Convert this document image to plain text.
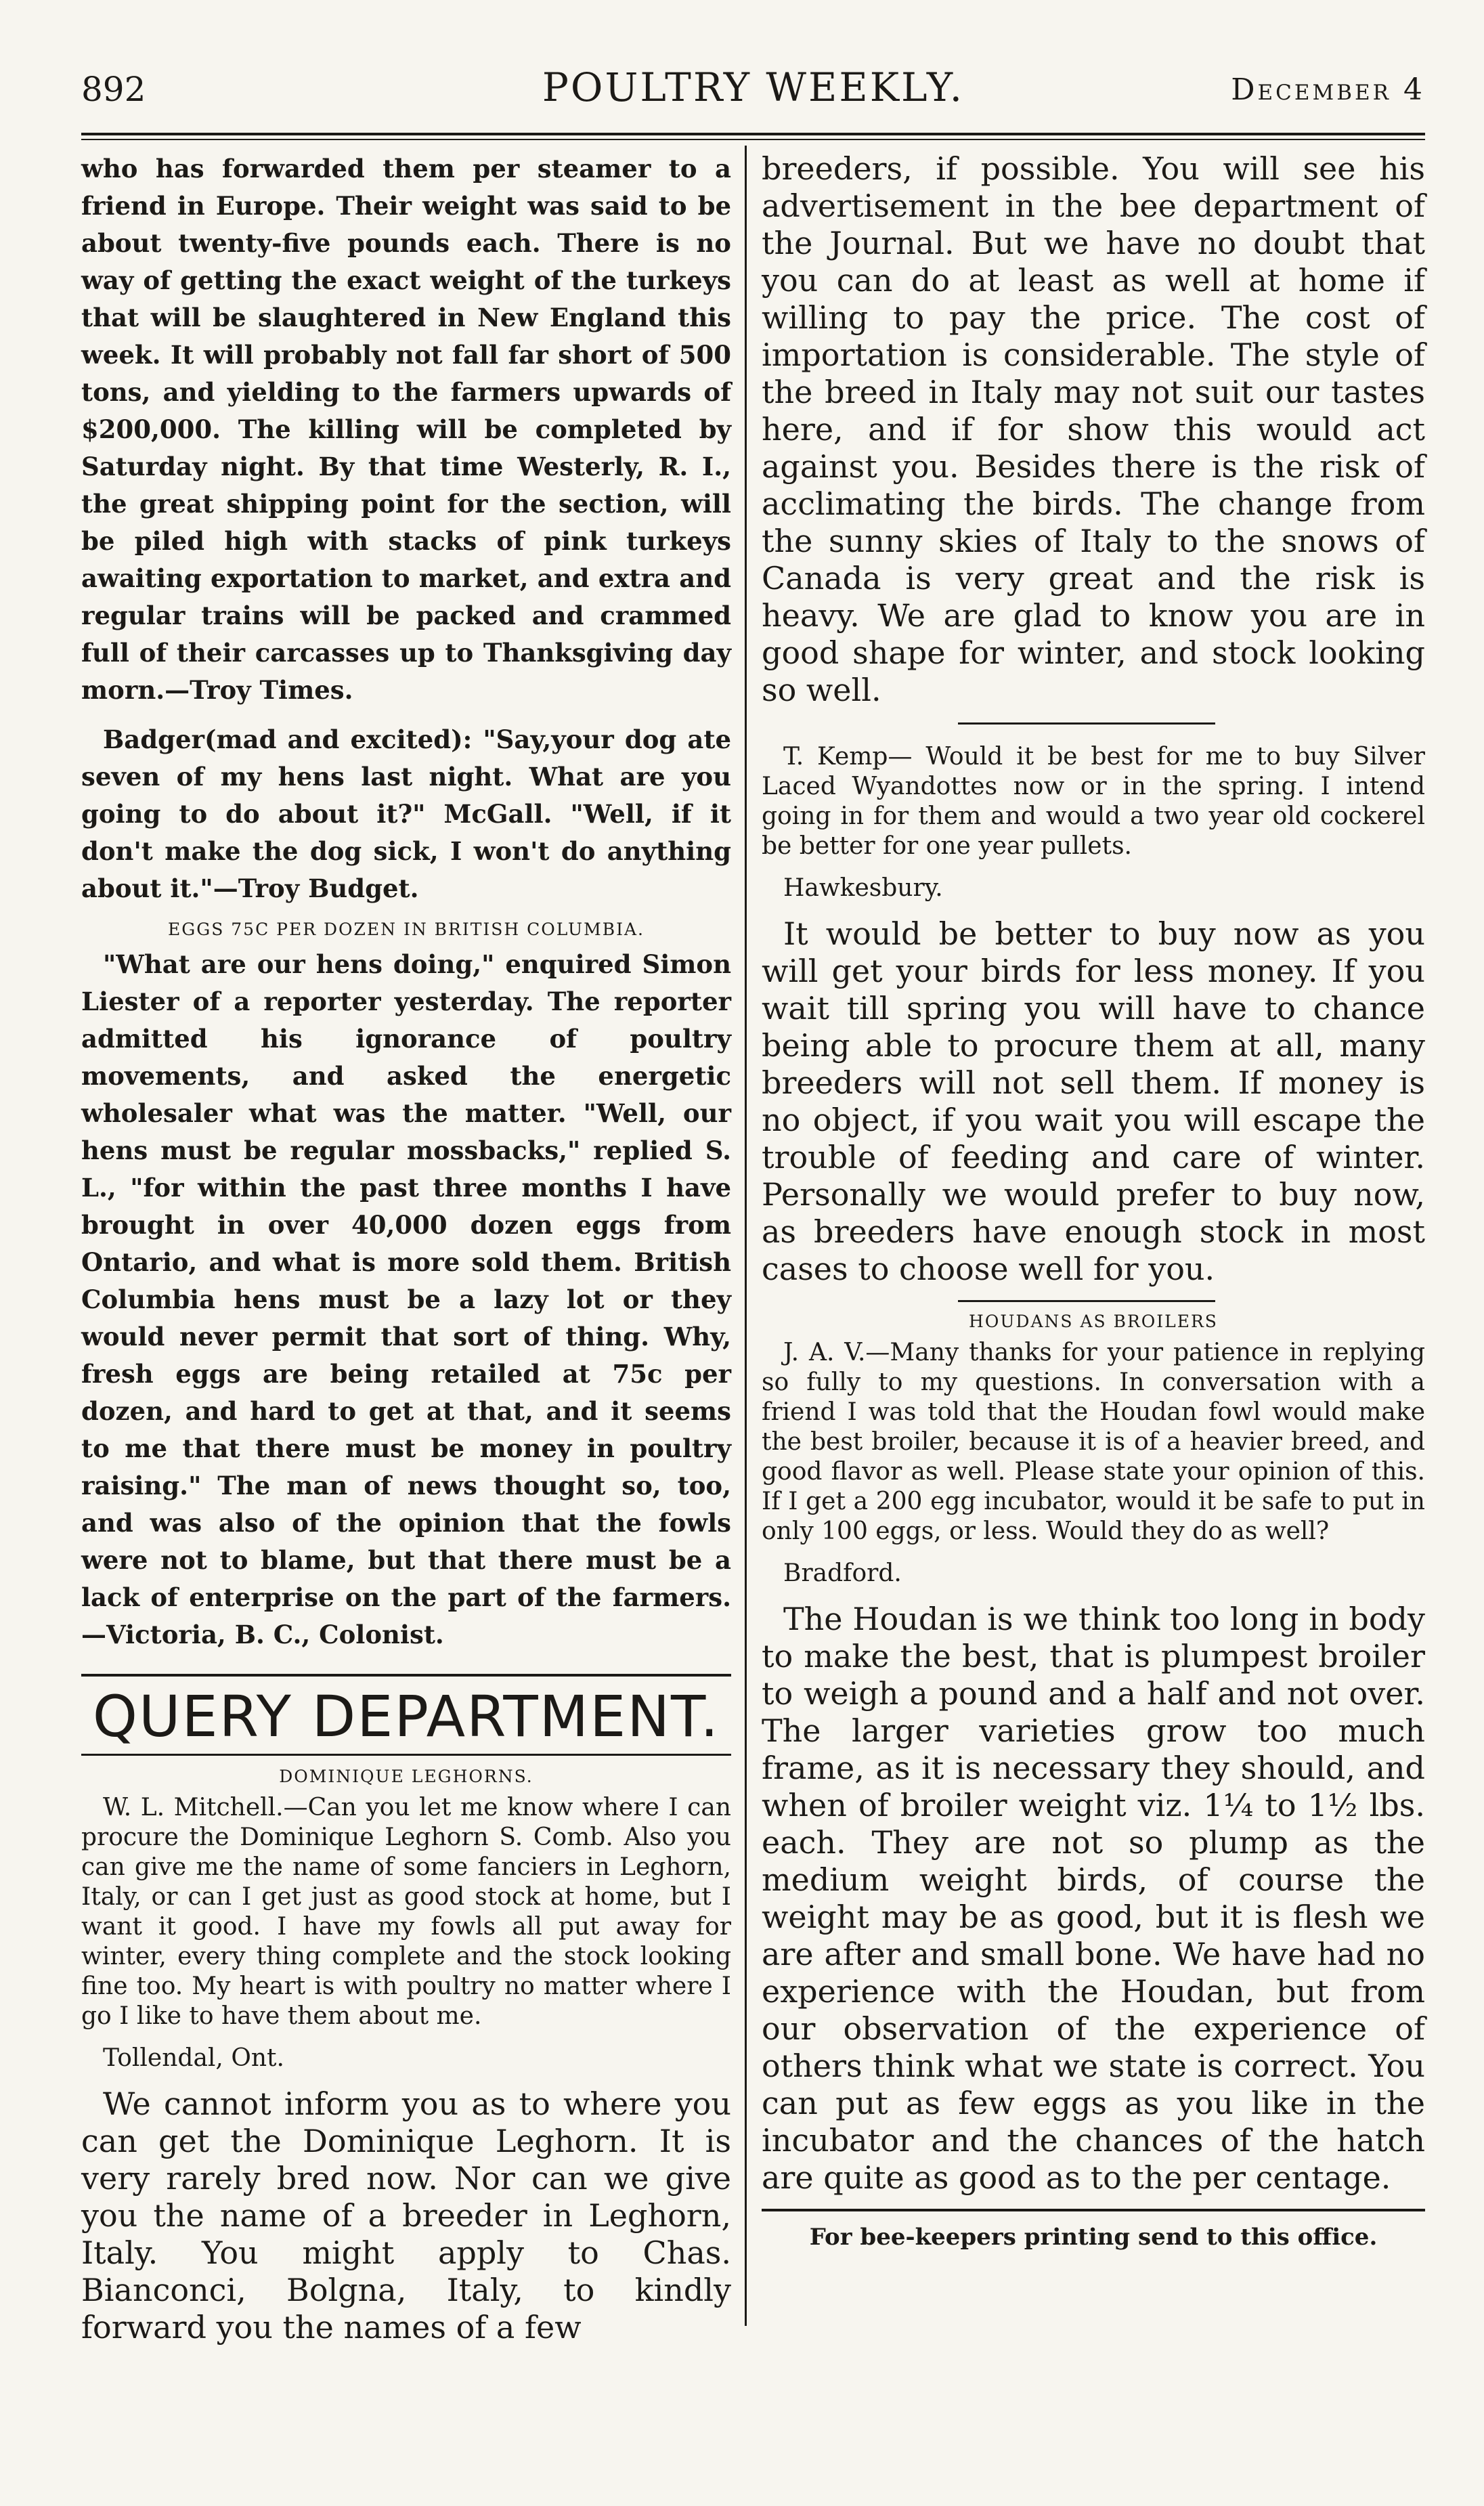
892	POULTRY WEEKLY.	December 4

who has forwarded them per steamer to a friend in Europe. Their weight was said to be about twenty-five pounds each. There is no way of getting the exact weight of the turkeys that will be slaughtered in New England this week. It will probably not fall far short of 500 tons, and yielding to the farmers upwards of $200,000. The killing will be completed by Saturday night. By that time Westerly, R. I., the great shipping point for the section, will be piled high with stacks of pink turkeys awaiting exportation to market, and extra and regular trains will be packed and crammed full of their carcasses up to Thanksgiving day morn.—Troy Times.

Badger(mad and excited): "Say,your dog ate seven of my hens last night. What are you going to do about it?" McGall. "Well, if it don't make the dog sick, I won't do anything about it."—Troy Budget.

EGGS 75C PER DOZEN IN BRITISH COLUMBIA.

"What are our hens doing," enquired Simon Liester of a reporter yesterday. The reporter admitted his ignorance of poultry movements, and asked the energetic wholesaler what was the matter. "Well, our hens must be regular mossbacks," replied S. L., "for within the past three months I have brought in over 40,000 dozen eggs from Ontario, and what is more sold them. British Columbia hens must be a lazy lot or they would never permit that sort of thing. Why, fresh eggs are being retailed at 75c per dozen, and hard to get at that, and it seems to me that there must be money in poultry raising." The man of news thought so, too, and was also of the opinion that the fowls were not to blame, but that there must be a lack of enterprise on the part of the farmers.—Victoria, B. C., Colonist.

QUERY DEPARTMENT.
DOMINIQUE LEGHORNS.

W. L. Mitchell.—Can you let me know where I can procure the Dominique Leghorn S. Comb. Also you can give me the name of some fanciers in Leghorn, Italy, or can I get just as good stock at home, but I want it good. I have my fowls all put away for winter, every thing complete and the stock looking fine too. My heart is with poultry no matter where I go I like to have them about me.

Tollendal, Ont.

We cannot inform you as to where you can get the Dominique Leghorn. It is very rarely bred now. Nor can we give you the name of a breeder in Leghorn, Italy. You might apply to Chas. Bianconci, Bolgna, Italy, to kindly forward you the names of a few

breeders, if possible. You will see his advertisement in the bee department of the Journal. But we have no doubt that you can do at least as well at home if willing to pay the price. The cost of importation is considerable. The style of the breed in Italy may not suit our tastes here, and if for show this would act against you. Besides there is the risk of acclimating the birds. The change from the sunny skies of Italy to the snows of Canada is very great and the risk is heavy. We are glad to know you are in good shape for winter, and stock looking so well.

T. Kemp— Would it be best for me to buy Silver Laced Wyandottes now or in the spring. I intend going in for them and would a two year old cockerel be better for one year pullets.

Hawkesbury.

It would be better to buy now as you will get your birds for less money. If you wait till spring you will have to chance being able to procure them at all, many breeders will not sell them. If money is no object, if you wait you will escape the trouble of feeding and care of winter. Personally we would prefer to buy now, as breeders have enough stock in most cases to choose well for you.

HOUDANS AS BROILERS

J. A. V.—Many thanks for your patience in replying so fully to my questions. In conversation with a friend I was told that the Houdan fowl would make the best broiler, because it is of a heavier breed, and good flavor as well. Please state your opinion of this. If I get a 200 egg incubator, would it be safe to put in only 100 eggs, or less. Would they do as well?

Bradford.

The Houdan is we think too long in body to make the best, that is plumpest broiler to weigh a pound and a half and not over. The larger varieties grow too much frame, as it is necessary they should, and when of broiler weight viz. 1¼ to 1½ lbs. each. They are not so plump as the medium weight birds, of course the weight may be as good, but it is flesh we are after and small bone. We have had no experience with the Houdan, but from our observation of the experience of others think what we state is correct. You can put as few eggs as you like in the incubator and the chances of the hatch are quite as good as to the per centage.

For bee-keepers printing send to this office.
